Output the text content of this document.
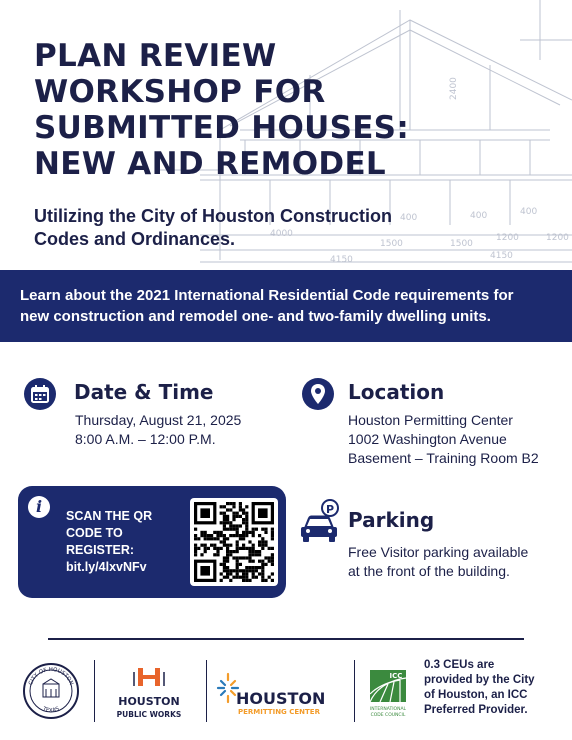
2400
400
1500
1200
1500
4150
1200
4150
4000
400	400
PLAN REVIEW
WORKSHOP FOR
SUBMITTED HOUSES:
NEW AND REMODEL

Utilizing the City of Houston Construction
Codes and Ordinances.

Learn about the 2021 International Residential Code requirements for
new construction and remodel one- and two-family dwelling units.

Date & Time

Thursday, August 21, 2025
8:00 A.M. – 12:00 P.M.

Location

Houston Permitting Center
1002 Washington Avenue
Basement – Training Room B2

i	SCAN THE QR
CODE TO
REGISTER:
bit.ly/4lxvNFv

P Parking

Free Visitor parking available
at the front of the building.

CITY OF HOUSTON
TEXAS
HOUSTON
PUBLIC WORKS
HOUSTON
PERMITTING CENTER
ICC
INTERNATIONAL
CODE COUNCIL

0.3 CEUs are
provided by the City
of Houston, an ICC
Preferred Provider.
